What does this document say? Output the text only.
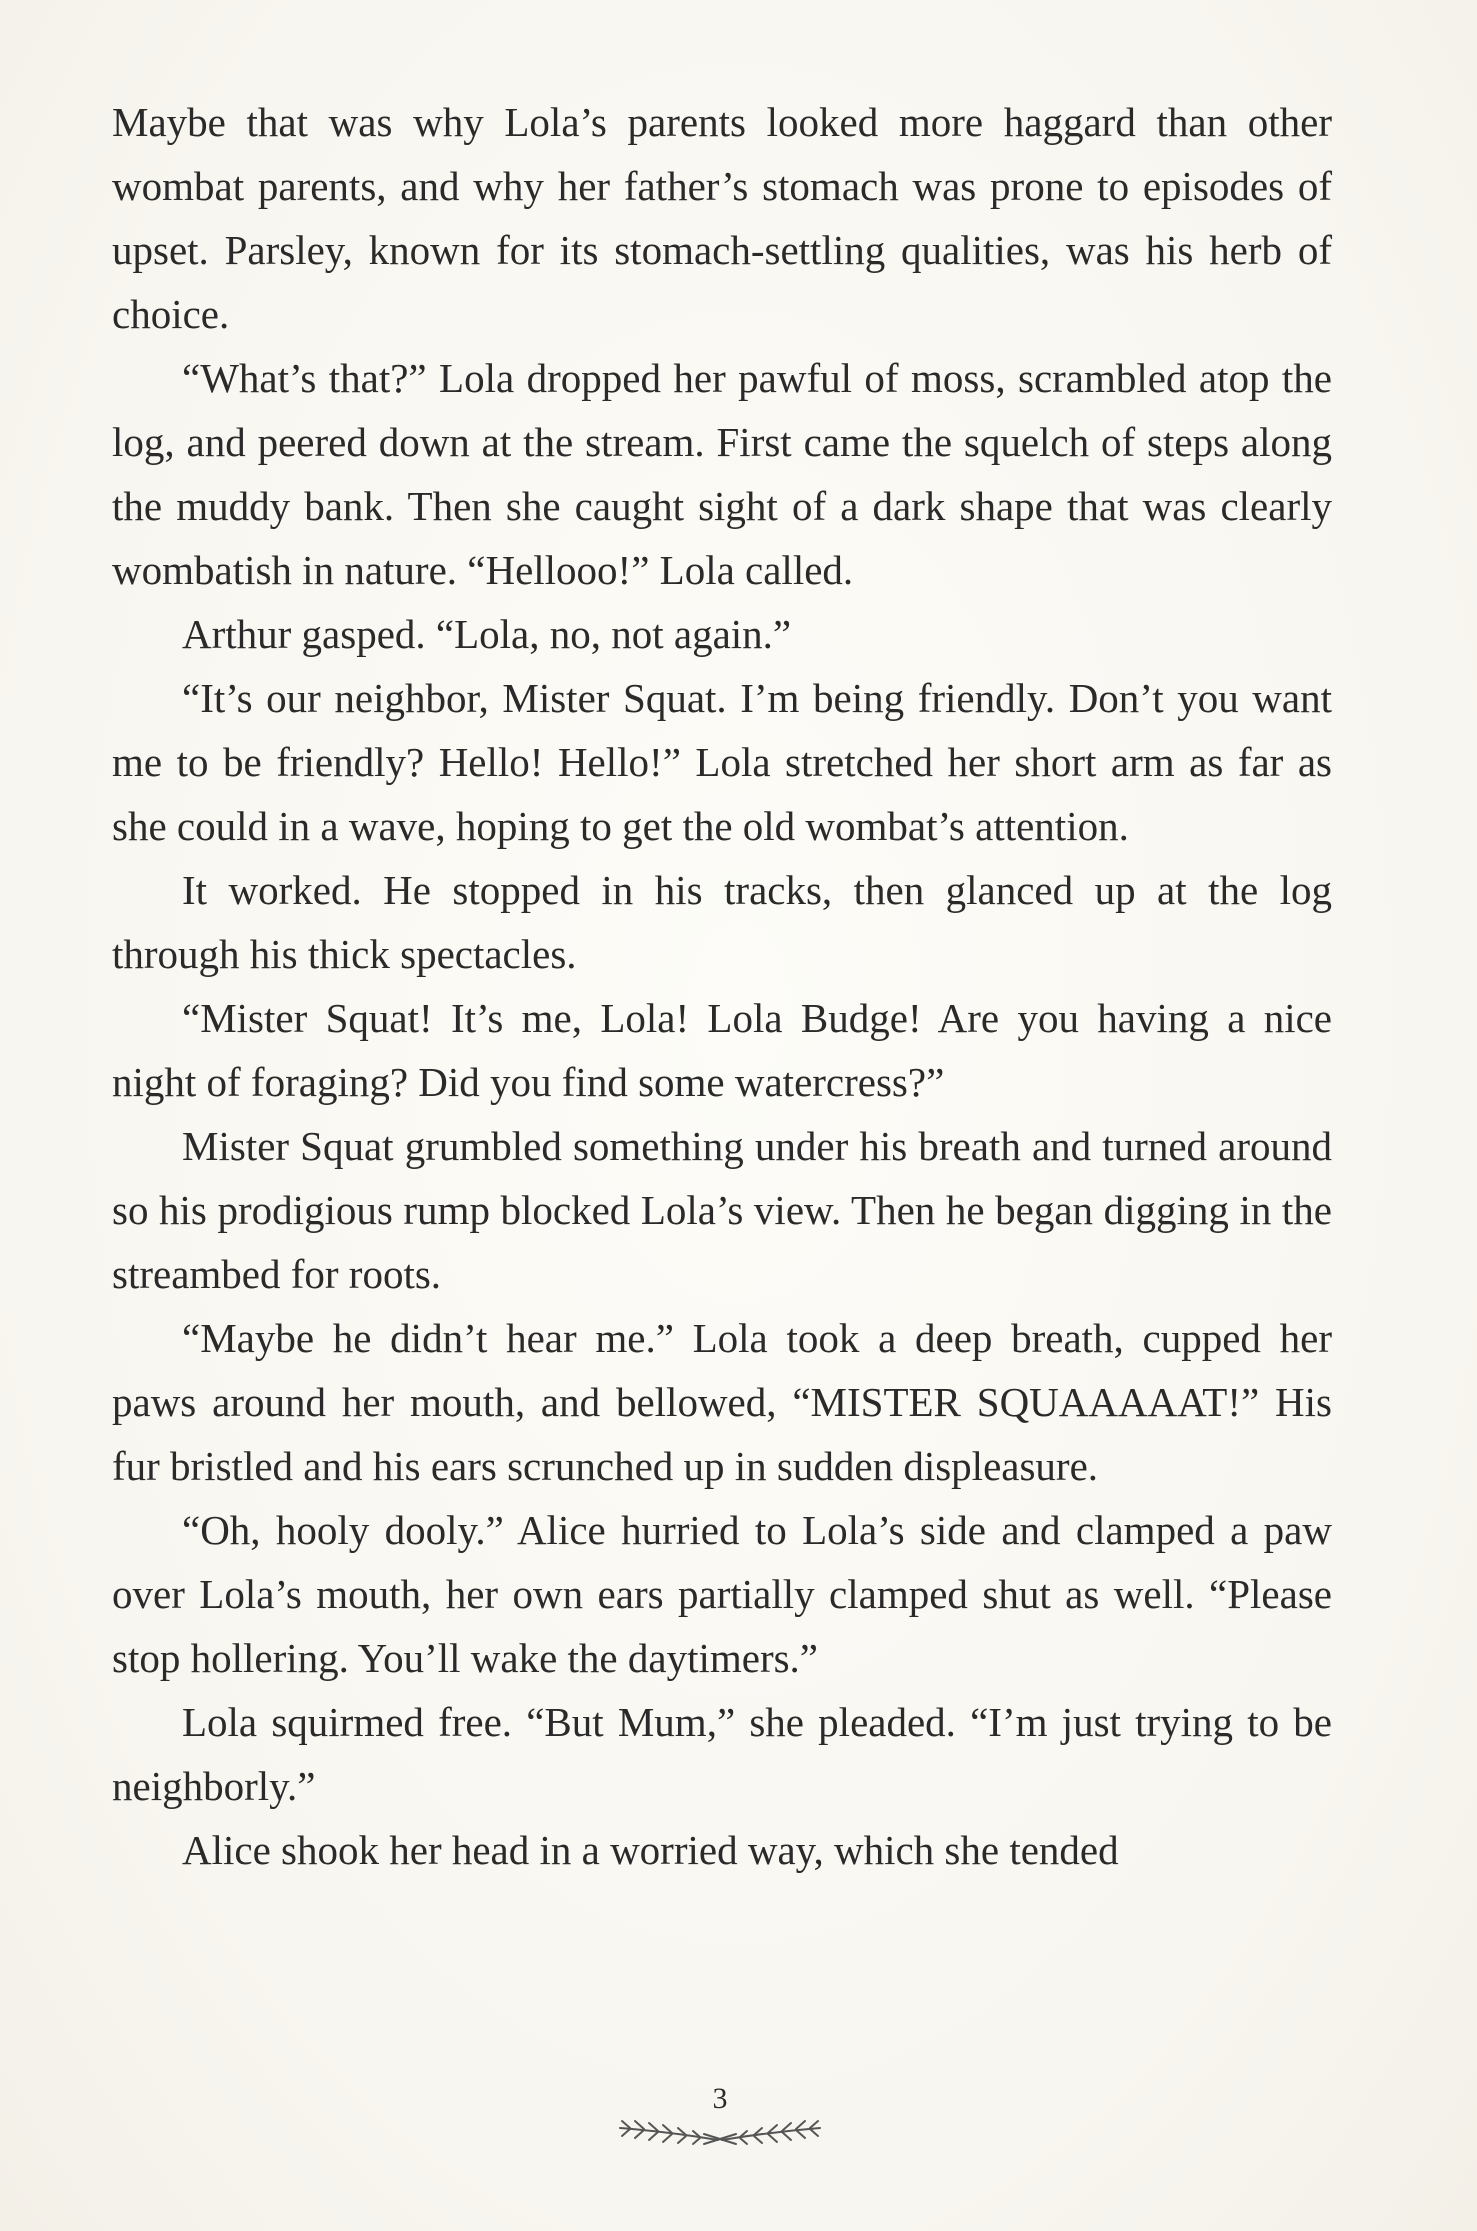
Maybe that was why Lola’s parents looked more haggard than other wombat parents, and why her father’s stomach was prone to episodes of upset. Parsley, known for its stomach-settling qualities, was his herb of choice.

“What’s that?” Lola dropped her pawful of moss, scrambled atop the log, and peered down at the stream. First came the squelch of steps along the muddy bank. Then she caught sight of a dark shape that was clearly wombatish in nature. “Hellooo!” Lola called.

Arthur gasped. “Lola, no, not again.”

“It’s our neighbor, Mister Squat. I’m being friendly. Don’t you want me to be friendly? Hello! Hello!” Lola stretched her short arm as far as she could in a wave, hoping to get the old wombat’s attention.

It worked. He stopped in his tracks, then glanced up at the log through his thick spectacles.

“Mister Squat! It’s me, Lola! Lola Budge! Are you having a nice night of foraging? Did you find some watercress?”

Mister Squat grumbled something under his breath and turned around so his prodigious rump blocked Lola’s view. Then he began digging in the streambed for roots.

“Maybe he didn’t hear me.” Lola took a deep breath, cupped her paws around her mouth, and bellowed, “MISTER SQUAAAAAT!” His fur bristled and his ears scrunched up in sudden displeasure.

“Oh, hooly dooly.” Alice hurried to Lola’s side and clamped a paw over Lola’s mouth, her own ears partially clamped shut as well. “Please stop hollering. You’ll wake the daytimers.”

Lola squirmed free. “But Mum,” she pleaded. “I’m just trying to be neighborly.”

Alice shook her head in a worried way, which she tended

3
